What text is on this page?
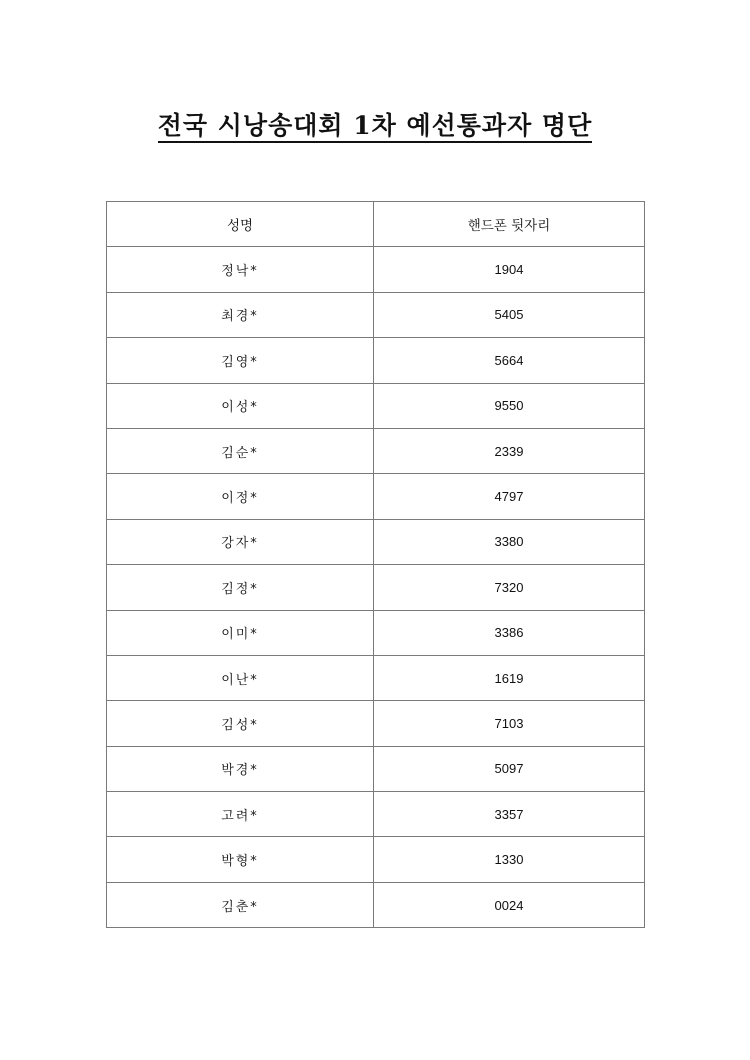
전국 시낭송대회 1차 예선통과자 명단
성명	핸드폰 뒷자리
정낙*	1904
최경*	5405
김영*	5664
이성*	9550
김순*	2339
이정*	4797
강자*	3380
김정*	7320
이미*	3386
이난*	1619
김성*	7103
박경*	5097
고려*	3357
박형*	1330
김춘*	0024
